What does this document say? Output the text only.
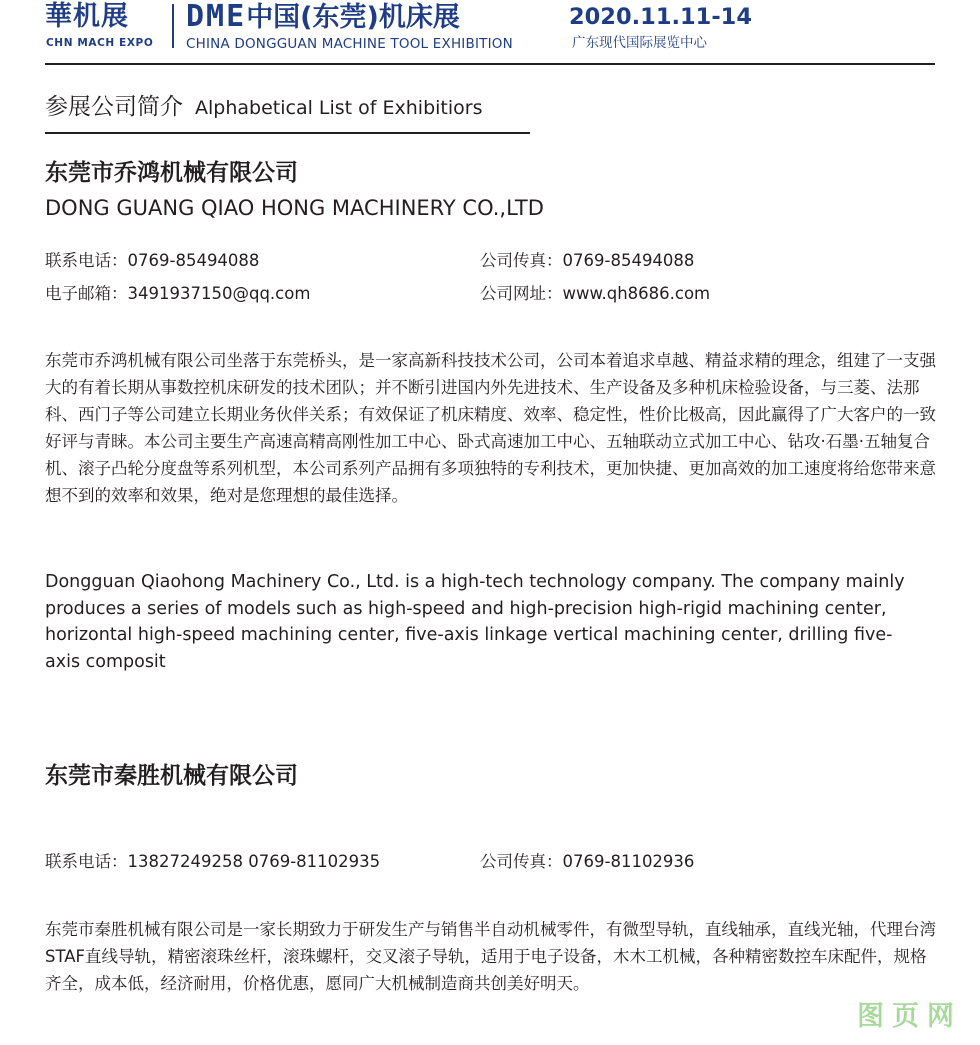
華机展
CHN MACH EXPO
DME中国(东莞)机床展
CHINA DONGGUAN MACHINE TOOL EXHIBITION
2020.11.11-14
广东现代国际展览中心
参展公司简介 Alphabetical List of Exhibitiors
东莞市乔鸿机械有限公司
DONG GUANG QIAO HONG MACHINERY CO.,LTD
联系电话：0769-85494088	公司传真：0769-85494088
电子邮箱：3491937150@qq.com	公司网址：www.qh8686.com

东莞市乔鸿机械有限公司坐落于东莞桥头，是一家高新科技技术公司，公司本着追求卓越、精益求精的理念，组建了一支强大的有着长期从事数控机床研发的技术团队；并不断引进国内外先进技术、生产设备及多种机床检验设备，与三菱、法那科、西门子等公司建立长期业务伙伴关系；有效保证了机床精度、效率、稳定性，性价比极高，因此赢得了广大客户的一致好评与青睐。本公司主要生产高速高精高刚性加工中心、卧式高速加工中心、五轴联动立式加工中心、钻攻·石墨·五轴复合机、滚子凸轮分度盘等系列机型，本公司系列产品拥有多项独特的专利技术，更加快捷、更加高效的加工速度将给您带来意想不到的效率和效果，绝对是您理想的最佳选择。

Dongguan Qiaohong Machinery Co., Ltd. is a high-tech technology company. The company mainly produces a series of models such as high-speed and high-precision high-rigid machining center, horizontal high-speed machining center, five-axis linkage vertical machining center, drilling five-axis composit

东莞市秦胜机械有限公司
联系电话：13827249258 0769-81102935	公司传真：0769-81102936

东莞市秦胜机械有限公司是一家长期致力于研发生产与销售半自动机械零件，有微型导轨，直线轴承，直线光轴，代理台湾STAF直线导轨，精密滚珠丝杆，滚珠螺杆，交叉滚子导轨，适用于电子设备，木木工机械，各种精密数控车床配件，规格齐全，成本低，经济耐用，价格优惠，愿同广大机械制造商共创美好明天。

图页网
